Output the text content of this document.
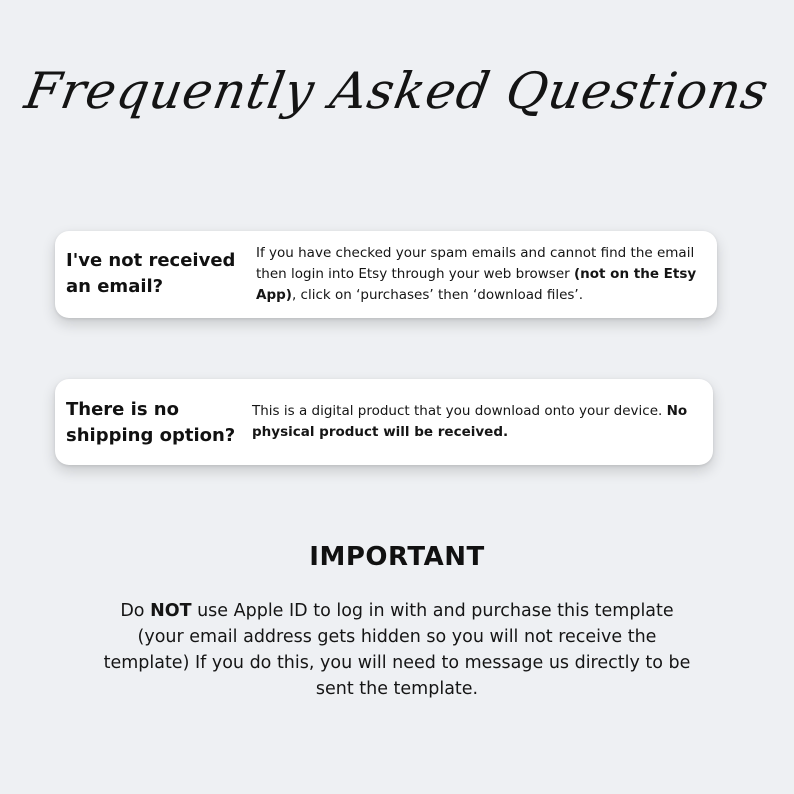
Frequently Asked Questions
I've not received an email?
If you have checked your spam emails and cannot find the email then login into Etsy through your web browser (not on the Etsy App), click on ‘purchases’ then ‘download files’.
There is no shipping option?
This is a digital product that you download onto your device. No physical product will be received.
IMPORTANT
Do NOT use Apple ID to log in with and purchase this template (your email address gets hidden so you will not receive the template) If you do this, you will need to message us directly to be sent the template.
